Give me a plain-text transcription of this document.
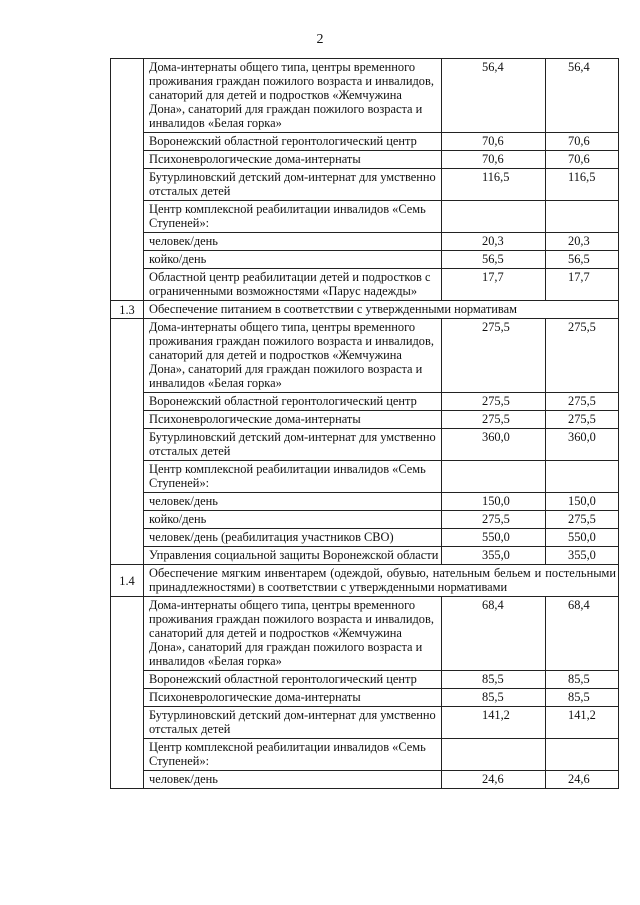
2
	Дома-интернаты общего типа, центры временного проживания граждан пожилого возраста и инвалидов, санаторий для детей и подростков «Жемчужина Дона», санаторий для граждан пожилого возраста и инвалидов «Белая горка»	56,4	56,4
	Воронежский областной геронтологический центр	70,6	70,6
	Психоневрологические дома-интернаты	70,6	70,6
	Бутурлиновский детский дом-интернат для умственно отсталых детей	116,5	116,5
	Центр комплексной реабилитации инвалидов «Семь Ступеней»:		
	человек/день	20,3	20,3
	койко/день	56,5	56,5
	Областной центр реабилитации детей и подростков с ограниченными возможностями «Парус надежды»	17,7	17,7
1.3	Обеспечение питанием в соответствии с утвержденными нормативам		
	Дома-интернаты общего типа, центры временного проживания граждан пожилого возраста и инвалидов, санаторий для детей и подростков «Жемчужина Дона», санаторий для граждан пожилого возраста и инвалидов «Белая горка»	275,5	275,5
	Воронежский областной геронтологический центр	275,5	275,5
	Психоневрологические дома-интернаты	275,5	275,5
	Бутурлиновский детский дом-интернат для умственно отсталых детей	360,0	360,0
	Центр комплексной реабилитации инвалидов «Семь Ступеней»:		
	человек/день	150,0	150,0
	койко/день	275,5	275,5
	человек/день (реабилитация участников СВО)	550,0	550,0
	Управления социальной защиты Воронежской области	355,0	355,0
1.4	Обеспечение мягким инвентарем (одеждой, обувью, нательным бельем и постельными принадлежностями) в соответствии с утвержденными нормативами		
	Дома-интернаты общего типа, центры временного проживания граждан пожилого возраста и инвалидов, санаторий для детей и подростков «Жемчужина Дона», санаторий для граждан пожилого возраста и инвалидов «Белая горка»	68,4	68,4
	Воронежский областной геронтологический центр	85,5	85,5
	Психоневрологические дома-интернаты	85,5	85,5
	Бутурлиновский детский дом-интернат для умственно отсталых детей	141,2	141,2
	Центр комплексной реабилитации инвалидов «Семь Ступеней»:		
	человек/день	24,6	24,6
